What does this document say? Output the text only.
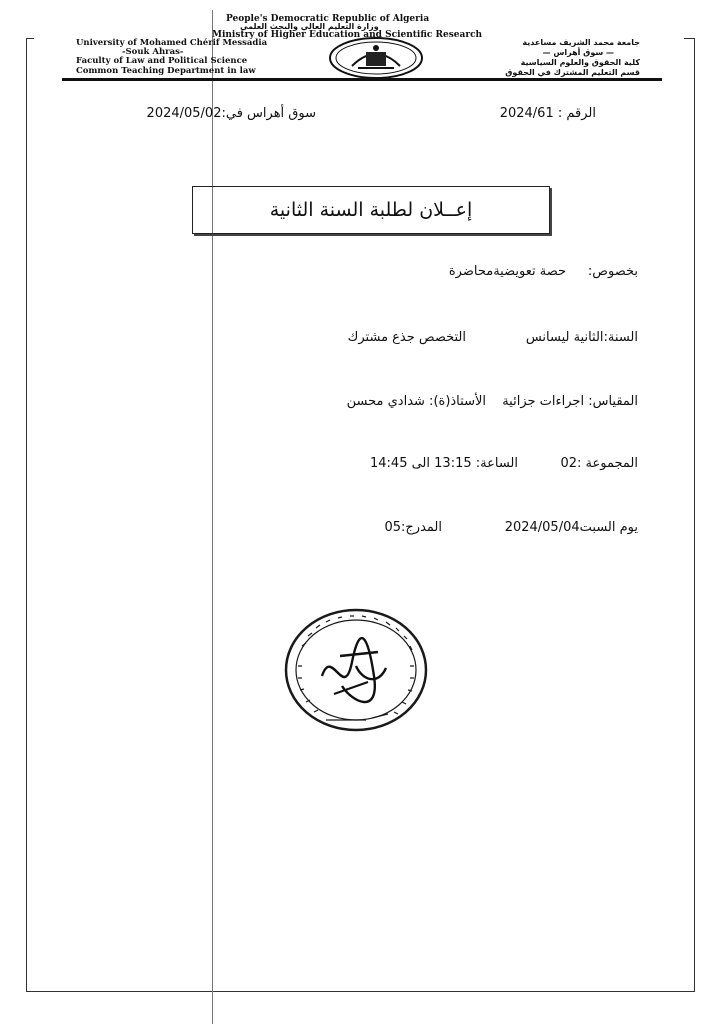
People's Democratic Republic of Algeria
وزارة التعليم العالي والبحث العلمي
Ministry of Higher Education and Scientific Research
University of Mohamed Chérif Messadia
-Souk Ahras-
Faculty of Law and Political Science
Common Teaching Department in law
جامعة محمد الشريف مساعدية
— سوق أهراس —
كلية الحقوق والعلوم السياسية
قسم التعليم المشترك في الحقوق
الرقم : 2024/61
سوق أهراس في:2024/05/02
إعــلان لطلبة السنة الثانية
بخصوص:
حصة تعويضيةمحاضرة
السنة:الثانية ليسانس
التخصص جذع مشترك
المقياس: اجراءات جزائية
الأستاذ(ة): شدادي محسن
المجموعة :02
الساعة: 13:15 الى 14:45
يوم السبت2024/05/04
المدرج:05
